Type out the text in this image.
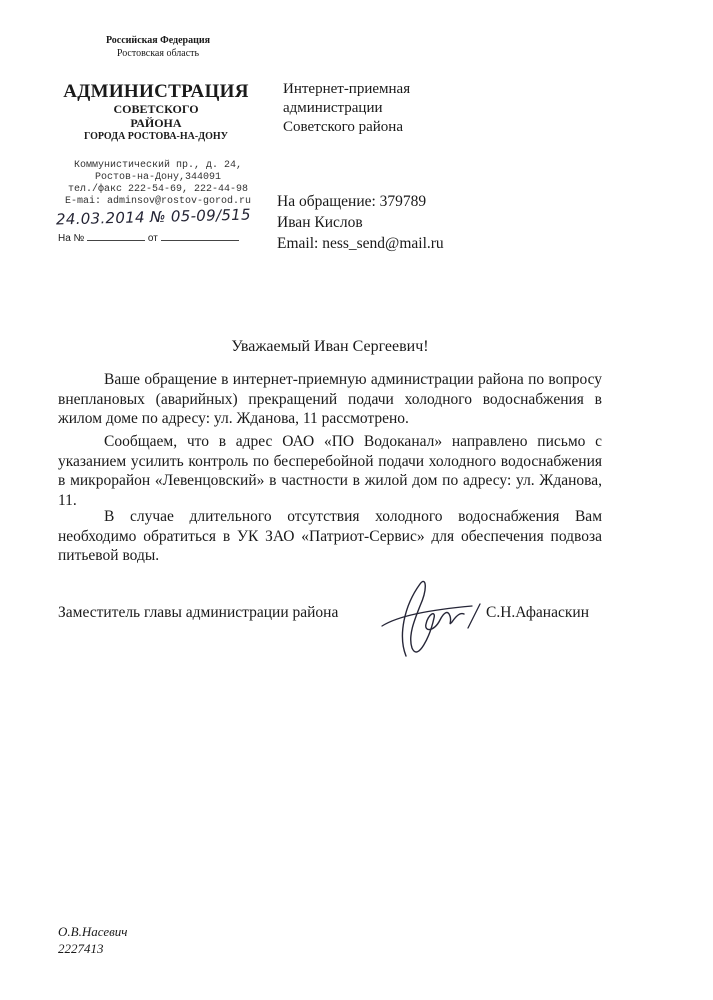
Российская Федерация
Ростовская область
АДМИНИСТРАЦИЯ
СОВЕТСКОГО
РАЙОНА
ГОРОДА РОСТОВА-НА-ДОНУ
Коммунистический пр., д. 24,
Ростов-на-Дону,344091
тел./факс 222-54-69, 222-44-98
E-mai: adminsov@rostov-gorod.ru
24.03.2014 № 05-09/515
На №	от
Интернет-приемная
администрации
Советского района
На обращение: 379789
Иван Кислов
Email: ness_send@mail.ru
Уважаемый Иван Сергеевич!
Ваше обращение в интернет-приемную администрации района по вопросу внеплановых (аварийных) прекращений подачи холодного водоснабжения в жилом доме по адресу: ул. Жданова, 11 рассмотрено.
Сообщаем, что в адрес ОАО «ПО Водоканал» направлено письмо с указанием усилить контроль по бесперебойной подачи холодного водоснабжения в микрорайон «Левенцовский» в частности в жилой дом по адресу: ул. Жданова, 11.
В случае длительного отсутствия холодного водоснабжения Вам необходимо обратиться в УК ЗАО «Патриот-Сервис» для обеспечения подвоза питьевой воды.
Заместитель главы администрации района	С.Н.Афанаскин
О.В.Насевич
2227413
